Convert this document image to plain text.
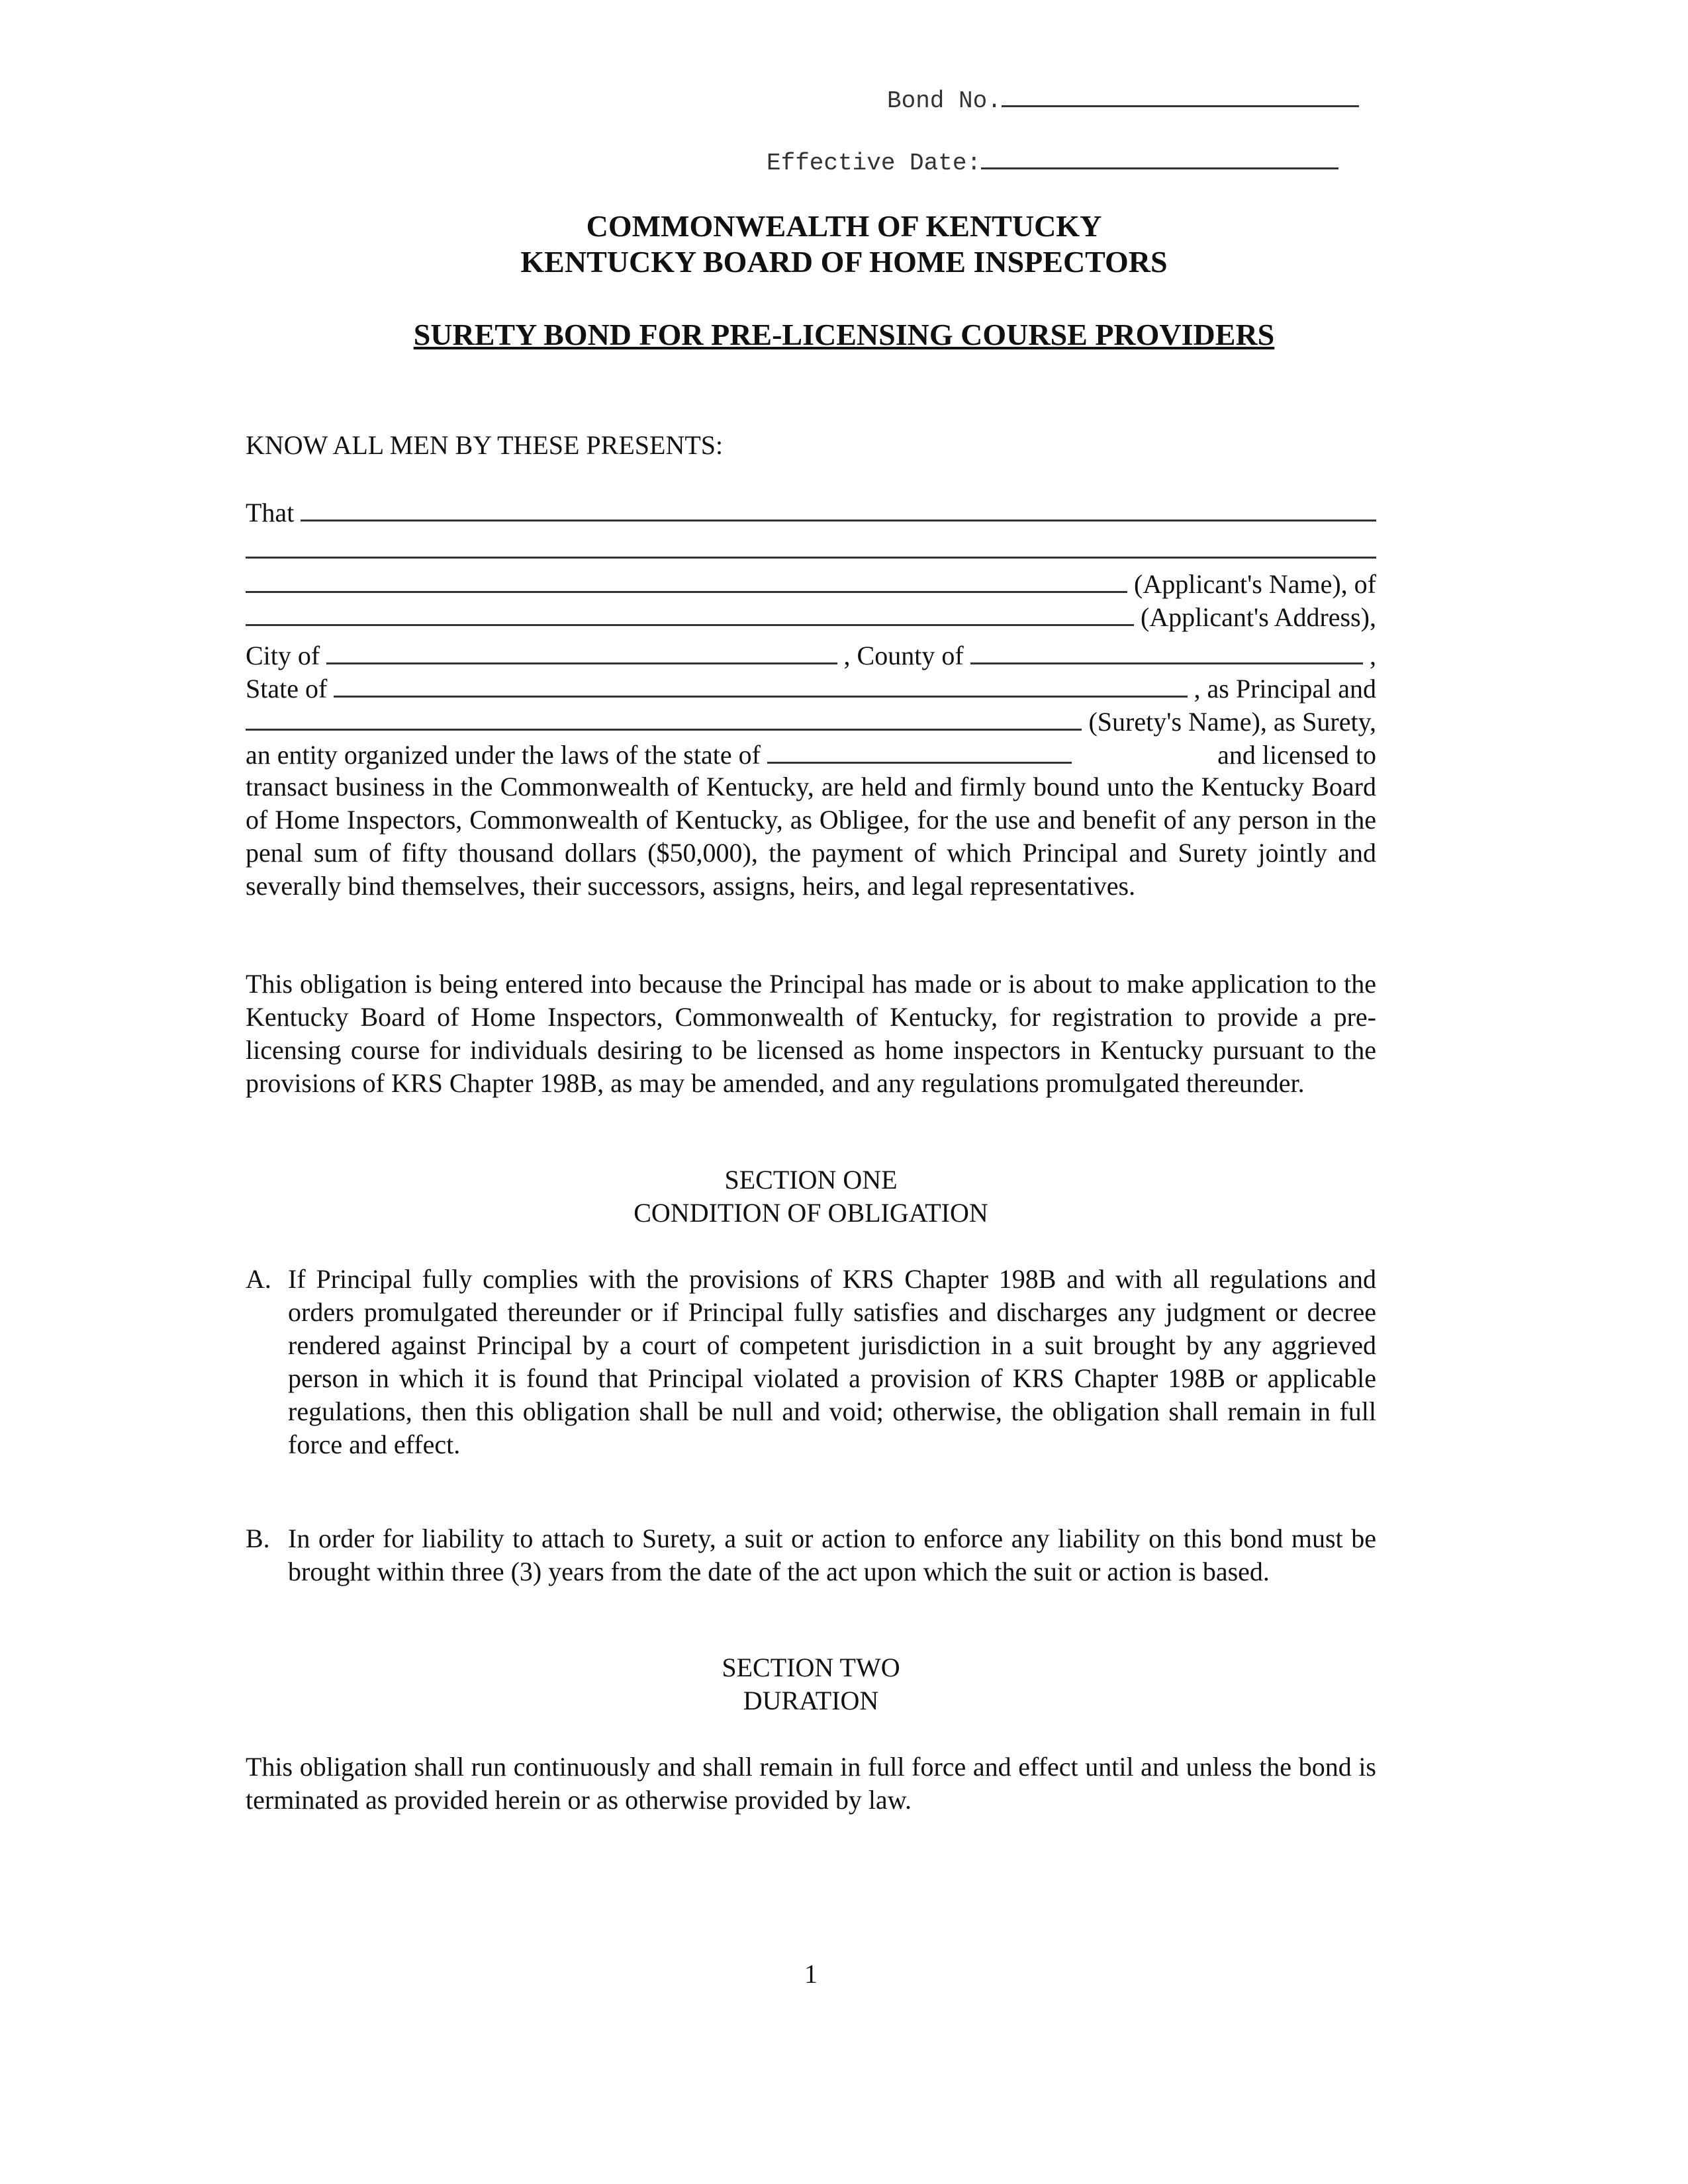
Bond No.
Effective Date:
COMMONWEALTH OF KENTUCKY
KENTUCKY BOARD OF HOME INSPECTORS
SURETY BOND FOR PRE-LICENSING COURSE PROVIDERS
KNOW ALL MEN BY THESE PRESENTS:
That

(Applicant's Name), of

(Applicant's Address),
City of

	, County of

	,
State of

	, as Principal and

(Surety's Name), as Surety,
an entity organized under the laws of the state of
	and licensed to
transact business in the Commonwealth of Kentucky, are held and firmly bound unto the Kentucky Board of Home Inspectors, Commonwealth of Kentucky, as Obligee, for the use and benefit of any person in the penal sum of fifty thousand dollars ($50,000), the payment of which Principal and Surety jointly and severally bind themselves, their successors, assigns, heirs, and legal representatives.
This obligation is being entered into because the Principal has made or is about to make application to the Kentucky Board of Home Inspectors, Commonwealth of Kentucky, for registration to provide a pre-licensing course for individuals desiring to be licensed as home inspectors in Kentucky pursuant to the provisions of KRS Chapter 198B, as may be amended, and any regulations promulgated thereunder.
SECTION ONE
CONDITION OF OBLIGATION
A. If Principal fully complies with the provisions of KRS Chapter 198B and with all regulations and orders promulgated thereunder or if Principal fully satisfies and discharges any judgment or decree rendered against Principal by a court of competent jurisdiction in a suit brought by any aggrieved person in which it is found that Principal violated a provision of KRS Chapter 198B or applicable regulations, then this obligation shall be null and void; otherwise, the obligation shall remain in full force and effect.
B. In order for liability to attach to Surety, a suit or action to enforce any liability on this bond must be brought within three (3) years from the date of the act upon which the suit or action is based.
SECTION TWO
DURATION
This obligation shall run continuously and shall remain in full force and effect until and unless the bond is terminated as provided herein or as otherwise provided by law.
1
